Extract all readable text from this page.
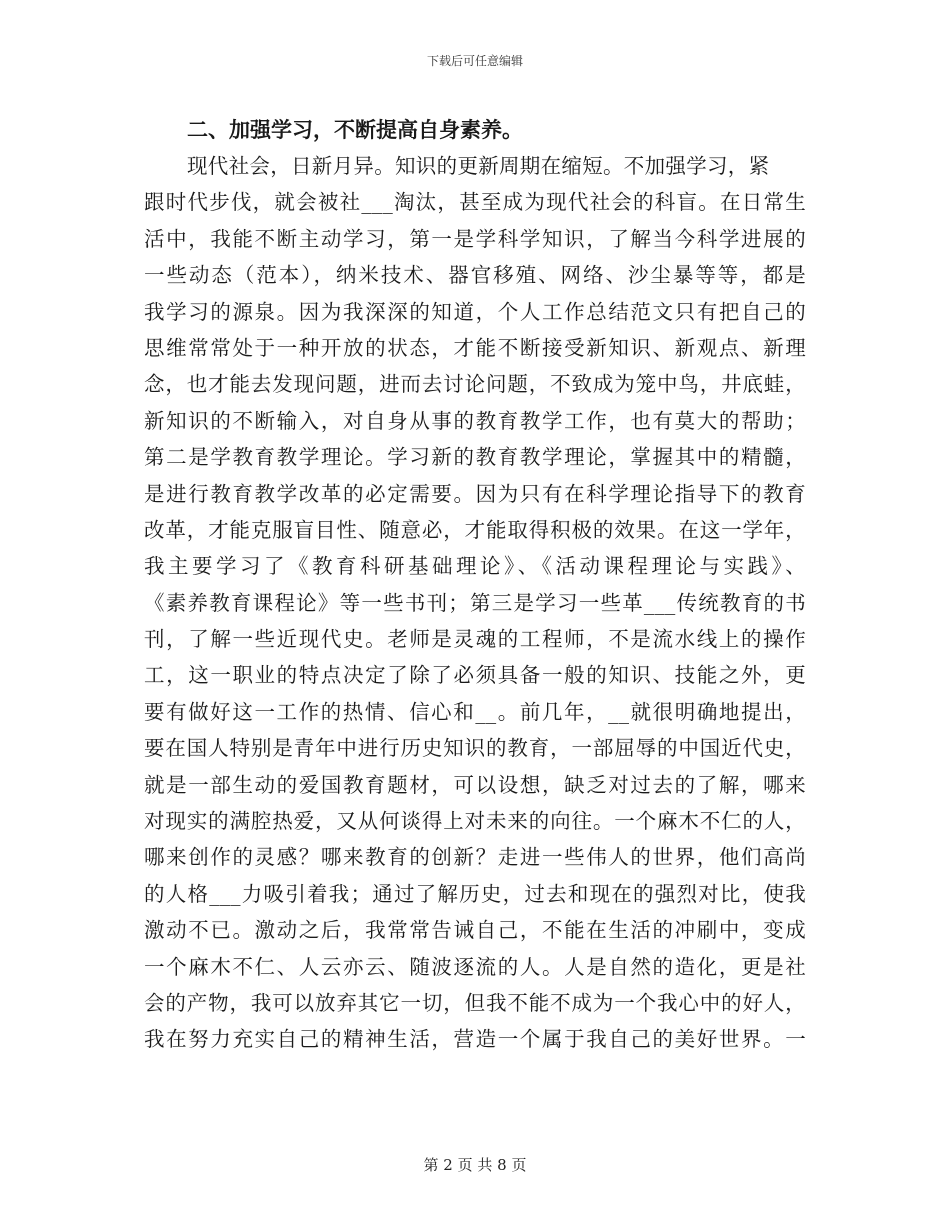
下载后可任意编辑
二、加强学习，不断提高自身素养。
现代社会，日新月异。知识的更新周期在缩短。不加强学习，紧
跟时代步伐，就会被社___淘汰，甚至成为现代社会的科盲。在日常生
活中，我能不断主动学习，第一是学科学知识，了解当今科学进展的
一些动态（范本），纳米技术、器官移殖、网络、沙尘暴等等，都是
我学习的源泉。因为我深深的知道，个人工作总结范文只有把自己的
思维常常处于一种开放的状态，才能不断接受新知识、新观点、新理
念，也才能去发现问题，进而去讨论问题，不致成为笼中鸟，井底蛙，
新知识的不断输入，对自身从事的教育教学工作，也有莫大的帮助；
第二是学教育教学理论。学习新的教育教学理论，掌握其中的精髓，
是进行教育教学改革的必定需要。因为只有在科学理论指导下的教育
改革，才能克服盲目性、随意必，才能取得积极的效果。在这一学年，
我主要学习了《教育科研基础理论》、《活动课程理论与实践》、
《素养教育课程论》等一些书刊；第三是学习一些革___传统教育的书
刊，了解一些近现代史。老师是灵魂的工程师，不是流水线上的操作
工，这一职业的特点决定了除了必须具备一般的知识、技能之外，更
要有做好这一工作的热情、信心和__。前几年，__就很明确地提出，
要在国人特别是青年中进行历史知识的教育，一部屈辱的中国近代史，
就是一部生动的爱国教育题材，可以设想，缺乏对过去的了解，哪来
对现实的满腔热爱，又从何谈得上对未来的向往。一个麻木不仁的人，
哪来创作的灵感？哪来教育的创新？走进一些伟人的世界，他们高尚
的人格___力吸引着我；通过了解历史，过去和现在的强烈对比，使我
激动不已。激动之后，我常常告诫自己，不能在生活的冲刷中，变成
一个麻木不仁、人云亦云、随波逐流的人。人是自然的造化，更是社
会的产物，我可以放弃其它一切，但我不能不成为一个我心中的好人，
我在努力充实自己的精神生活，营造一个属于我自己的美好世界。一
第 2 页 共 8 页
